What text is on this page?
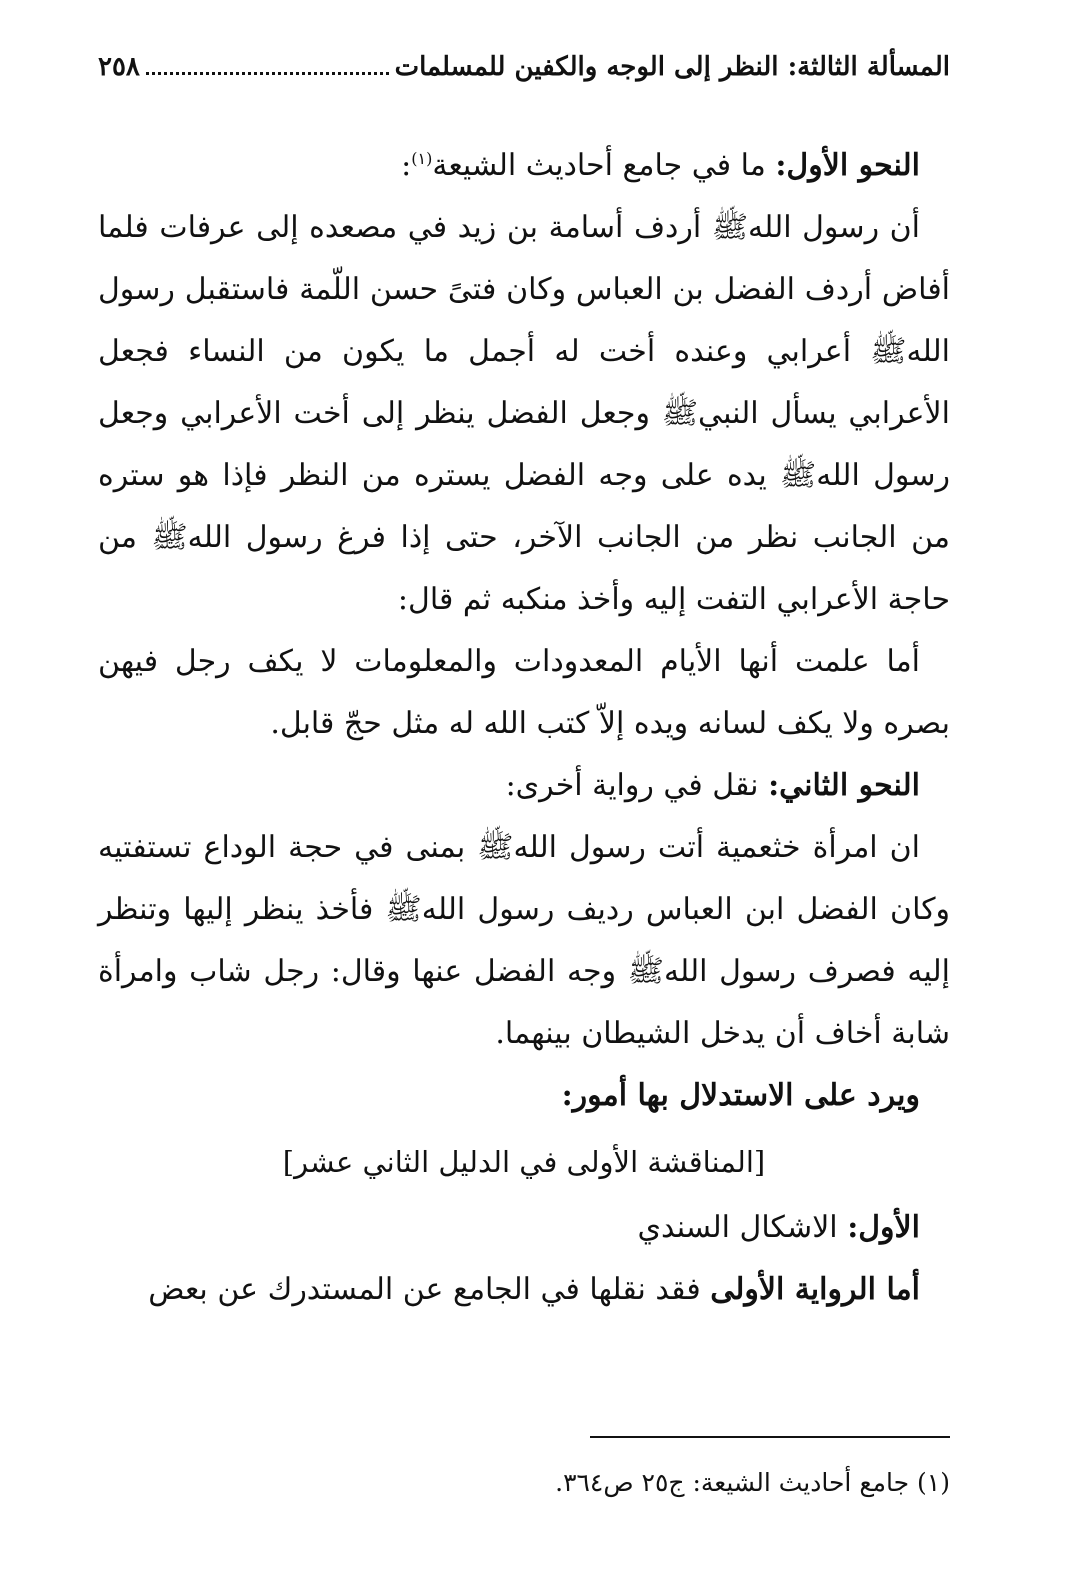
المسألة الثالثة: النظر إلى الوجه والكفين للمسلمات
٢٥٨

النحو الأول: ما في جامع أحاديث الشيعة$^{(١)}$:

أن رسول اللهﷺ أردف أسامة بن زيد في مصعده إلى عرفات فلما أفاض أردف الفضل بن العباس وكان فتىً حسن اللّمة فاستقبل رسول اللهﷺ أعرابي وعنده أخت له أجمل ما يكون من النساء فجعل الأعرابي يسأل النبيﷺ وجعل الفضل ينظر إلى أخت الأعرابي وجعل رسول اللهﷺ يده على وجه الفضل يستره من النظر فإذا هو ستره من الجانب نظر من الجانب الآخر، حتى إذا فرغ رسول اللهﷺ من حاجة الأعرابي التفت إليه وأخذ منكبه ثم قال:

أما علمت أنها الأيام المعدودات والمعلومات لا يكف رجل فيهن بصره ولا يكف لسانه ويده إلاّ كتب الله له مثل حجّ قابل.

النحو الثاني: نقل في رواية أخرى:

ان امرأة خثعمية أتت رسول اللهﷺ بمنى في حجة الوداع تستفتيه وكان الفضل ابن العباس رديف رسول اللهﷺ فأخذ ينظر إليها وتنظر إليه فصرف رسول اللهﷺ وجه الفضل عنها وقال: رجل شاب وامرأة شابة أخاف أن يدخل الشيطان بينهما.

ويرد على الاستدلال بها أمور:

[المناقشة الأولى في الدليل الثاني عشر]

الأول: الاشكال السندي

أما الرواية الأولى فقد نقلها في الجامع عن المستدرك عن بعض

(١) جامع أحاديث الشيعة: ج٢٥ ص٣٦٤.
